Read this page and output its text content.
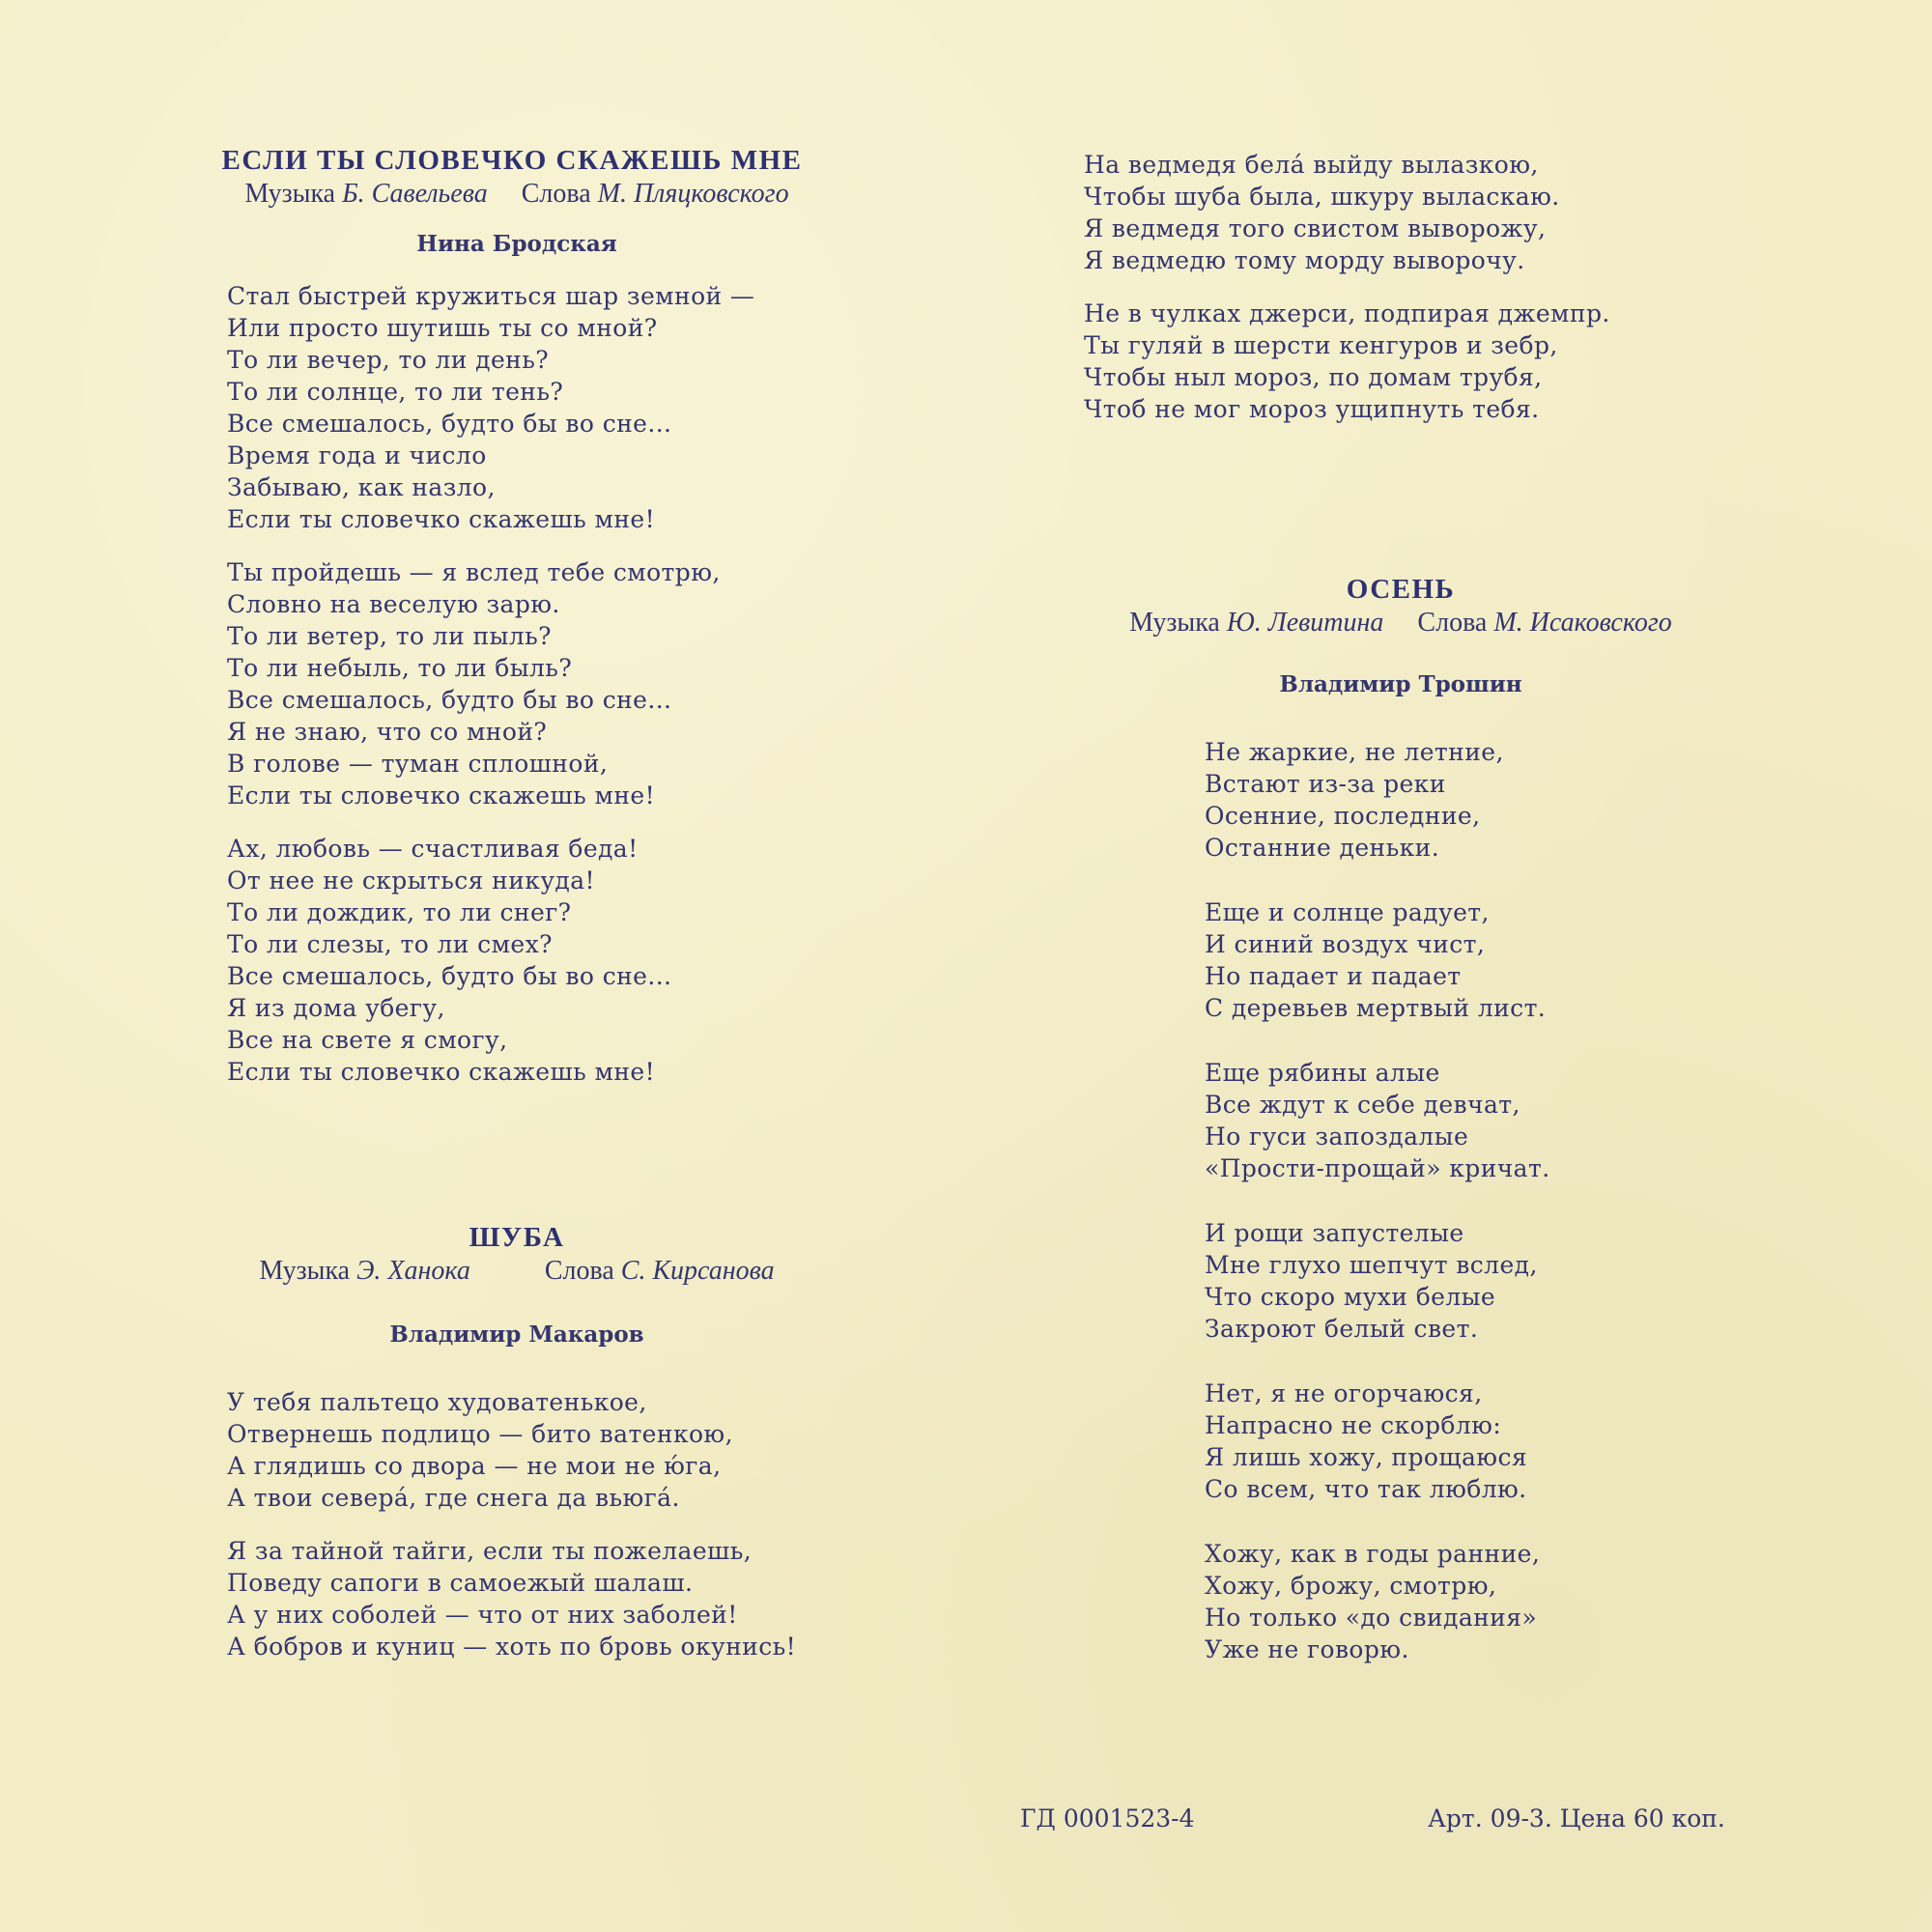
ЕСЛИ ТЫ СЛОВЕЧКО СКАЖЕШЬ МНЕ

Музыка Б. Савельева Слова М. Пляцковского

Нина Бродская

Стал быстрей кружиться шар земной —
Или просто шутишь ты со мной?
То ли вечер, то ли день?
То ли солнце, то ли тень?
Все смешалось, будто бы во сне...
Время года и число
Забываю, как назло,
Если ты словечко скажешь мне!
Ты пройдешь — я вслед тебе смотрю,
Словно на веселую зарю.
То ли ветер, то ли пыль?
То ли небыль, то ли быль?
Все смешалось, будто бы во сне...
Я не знаю, что со мной?
В голове — туман сплошной,
Если ты словечко скажешь мне!
Ах, любовь — счастливая беда!
От нее не скрыться никуда!
То ли дождик, то ли снег?
То ли слезы, то ли смех?
Все смешалось, будто бы во сне...
Я из дома убегу,
Все на свете я смогу,
Если ты словечко скажешь мне!
ШУБА

Музыка Э. Ханока	Слова С. Кирсанова

Владимир Макаров

У тебя пальтецо худоватенькое,
Отвернешь подлицо — бито ватенкою,
А глядишь со двора — не мои не ю́га,
А твои севера́, где снега да вьюга́.
Я за тайной тайги, если ты пожелаешь,
Поведу сапоги в самоежый шалаш.
А у них соболей — что от них заболей!
А бобров и куниц — хоть по бровь окунись!
На ведмедя бела́ выйду вылазкою,
Чтобы шуба была, шкуру выласкаю.
Я ведмедя того свистом выворожу,
Я ведмедю тому морду выворочу.
Не в чулках джерси, подпирая джемпр.
Ты гуляй в шерсти кенгуров и зебр,
Чтобы ныл мороз, по домам трубя,
Чтоб не мог мороз ущипнуть тебя.
ОСЕНЬ

Музыка Ю. Левитина Слова М. Исаковского

Владимир Трошин

Не жаркие, не летние,
Встают из-за реки
Осенние, последние,
Останние деньки.
Еще и солнце радует,
И синий воздух чист,
Но падает и падает
С деревьев мертвый лист.
Еще рябины алые
Все ждут к себе девчат,
Но гуси запоздалые
«Прости-прощай» кричат.
И рощи запустелые
Мне глухо шепчут вслед,
Что скоро мухи белые
Закроют белый свет.
Нет, я не огорчаюся,
Напрасно не скорблю:
Я лишь хожу, прощаюся
Со всем, что так люблю.
Хожу, как в годы ранние,
Хожу, брожу, смотрю,
Но только «до свидания»
Уже не говорю.
ГД 0001523-4	Арт. 09-3. Цена 60 коп.
